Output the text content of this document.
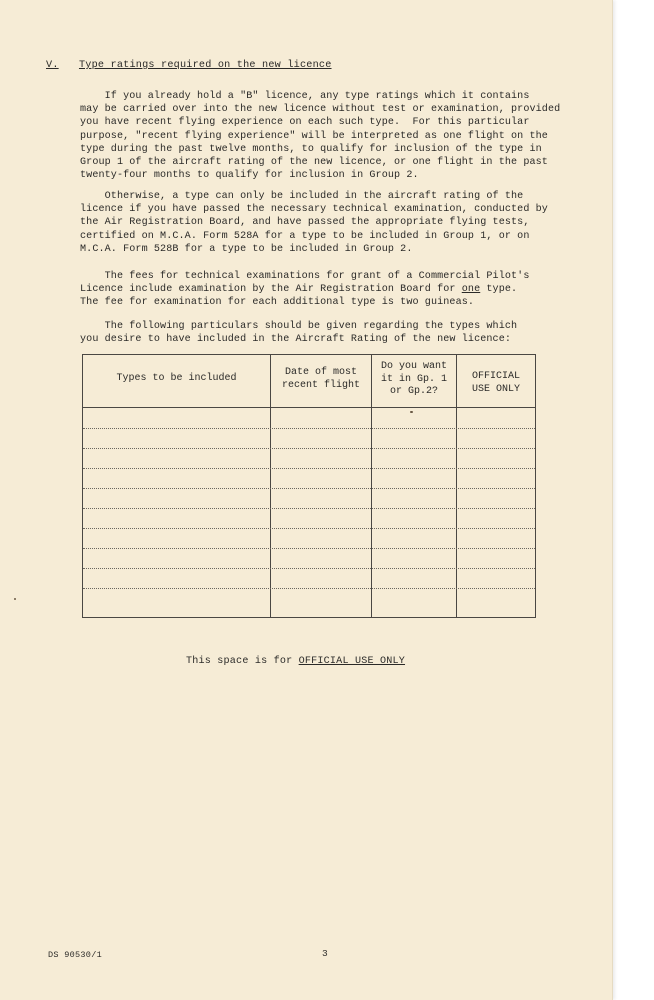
V. Type ratings required on the new licence
If you already hold a "B" licence, any type ratings which it contains
may be carried over into the new licence without test or examination, provided
you have recent flying experience on each such type.  For this particular
purpose, "recent flying experience" will be interpreted as one flight on the
type during the past twelve months, to qualify for inclusion of the type in
Group 1 of the aircraft rating of the new licence, or one flight in the past
twenty-four months to qualify for inclusion in Group 2.
Otherwise, a type can only be included in the aircraft rating of the
licence if you have passed the necessary technical examination, conducted by
the Air Registration Board, and have passed the appropriate flying tests,
certified on M.C.A. Form 528A for a type to be included in Group 1, or on
M.C.A. Form 528B for a type to be included in Group 2.
The fees for technical examinations for grant of a Commercial Pilot's
Licence include examination by the Air Registration Board for one type.
The fee for examination for each additional type is two guineas.
The following particulars should be given regarding the types which
you desire to have included in the Aircraft Rating of the new licence:
Types to be included
Date of most
recent flight
Do you want
it in Gp. 1
or Gp.2?
OFFICIAL
USE ONLY
This space is for OFFICIAL USE ONLY
DS 90530/1	3
